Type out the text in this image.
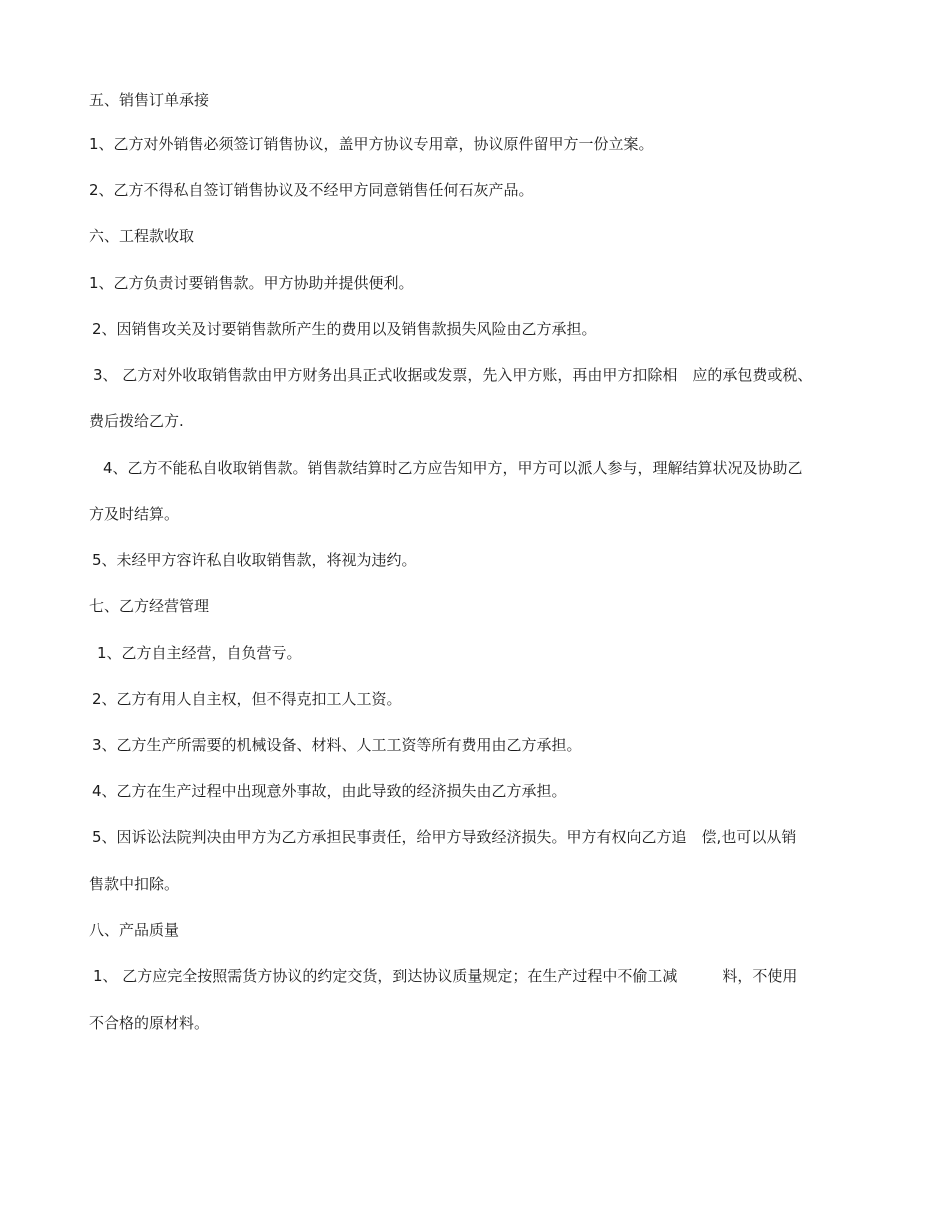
五、销售订单承接
1、乙方对外销售必须签订销售协议，盖甲方协议专用章，协议原件留甲方一份立案。
2、乙方不得私自签订销售协议及不经甲方同意销售任何石灰产品。
六、工程款收取
1、乙方负责讨要销售款。甲方协助并提供便利。
2、因销售攻关及讨要销售款所产生的费用以及销售款损失风险由乙方承担。
3、 乙方对外收取销售款由甲方财务出具正式收据或发票，先入甲方账，再由甲方扣除相　应的承包费或税、
费后拨给乙方.
4、乙方不能私自收取销售款。销售款结算时乙方应告知甲方，甲方可以派人参与，理解结算状况及协助乙
方及时结算。
5、未经甲方容许私自收取销售款，将视为违约。
七、乙方经营管理
1、乙方自主经营，自负营亏。
2、乙方有用人自主权，但不得克扣工人工资。
3、乙方生产所需要的机械设备、材料、人工工资等所有费用由乙方承担。
4、乙方在生产过程中出现意外事故，由此导致的经济损失由乙方承担。
5、因诉讼法院判决由甲方为乙方承担民事责任，给甲方导致经济损失。甲方有权向乙方追　偿,也可以从销
售款中扣除。
八、产品质量
1、 乙方应完全按照需货方协议的约定交货，到达协议质量规定；在生产过程中不偷工减　　　料，不使用
不合格的原材料。
